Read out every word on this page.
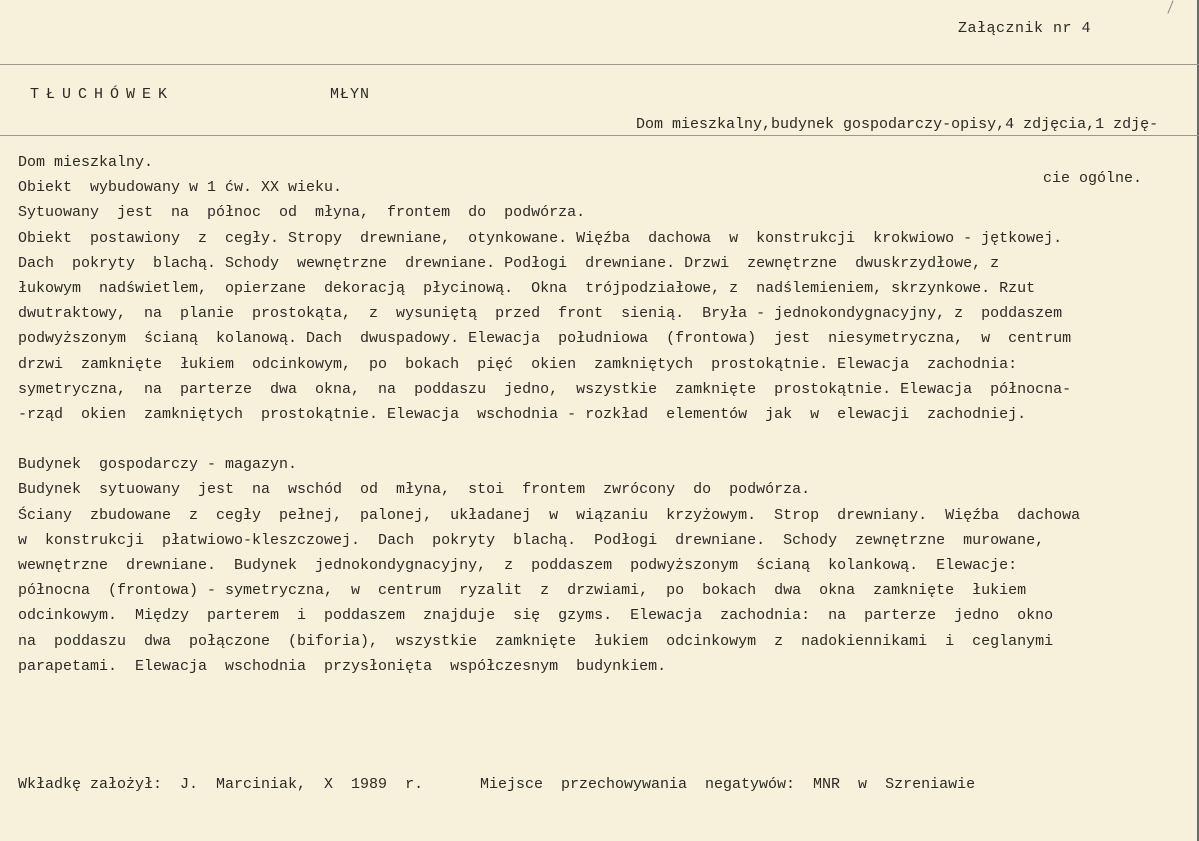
Załącznik nr 4
TŁUCHÓWEK	MŁYN

Dom mieszkalny,budynek gospodarczy-opisy,4 zdjęcia,1 zdję-

cie ogólne.

Dom mieszkalny.

Obiekt  wybudowany w 1 ćw. XX wieku.

Sytuowany  jest  na  północ  od  młyna,  frontem  do  podwórza.

Obiekt  postawiony  z  cegły. Stropy  drewniane,  otynkowane. Więźba  dachowa  w  konstrukcji  krokwiowo - jętkowej.

Dach  pokryty  blachą. Schody  wewnętrzne  drewniane. Podłogi  drewniane. Drzwi  zewnętrzne  dwuskrzydłowe, z

łukowym  nadświetlem,  opierzane  dekoracją  płycinową.  Okna  trójpodziałowe, z  nadślemieniem, skrzynkowe. Rzut

dwutraktowy,  na  planie  prostokąta,  z  wysuniętą  przed  front  sienią.  Bryła - jednokondygnacyjny, z  poddaszem

podwyższonym  ścianą  kolanową. Dach  dwuspadowy. Elewacja  południowa  (frontowa)  jest  niesymetryczna,  w  centrum

drzwi  zamknięte  łukiem  odcinkowym,  po  bokach  pięć  okien  zamkniętych  prostokątnie. Elewacja  zachodnia:

symetryczna,  na  parterze  dwa  okna,  na  poddaszu  jedno,  wszystkie  zamknięte  prostokątnie. Elewacja  północna-

-rząd  okien  zamkniętych  prostokątnie. Elewacja  wschodnia - rozkład  elementów  jak  w  elewacji  zachodniej.

Budynek  gospodarczy - magazyn.

Budynek  sytuowany  jest  na  wschód  od  młyna,  stoi  frontem  zwrócony  do  podwórza.

Ściany  zbudowane  z  cegły  pełnej,  palonej,  układanej  w  wiązaniu  krzyżowym.  Strop  drewniany.  Więźba  dachowa

w  konstrukcji  płatwiowo-kleszczowej.  Dach  pokryty  blachą.  Podłogi  drewniane.  Schody  zewnętrzne  murowane,

wewnętrzne  drewniane.  Budynek  jednokondygnacyjny,  z  poddaszem  podwyższonym  ścianą  kolankową.  Elewacje:

północna  (frontowa) - symetryczna,  w  centrum  ryzalit  z  drzwiami,  po  bokach  dwa  okna  zamknięte  łukiem

odcinkowym.  Między  parterem  i  poddaszem  znajduje  się  gzyms.  Elewacja  zachodnia:  na  parterze  jedno  okno

na  poddaszu  dwa  połączone  (biforia),  wszystkie  zamknięte  łukiem  odcinkowym  z  nadokiennikami  i  ceglanymi

parapetami.  Elewacja  wschodnia  przysłonięta  współczesnym  budynkiem.

Wkładkę założył:  J.  Marciniak,  X  1989  r.	Miejsce  przechowywania  negatywów:  MNR  w  Szreniawie
